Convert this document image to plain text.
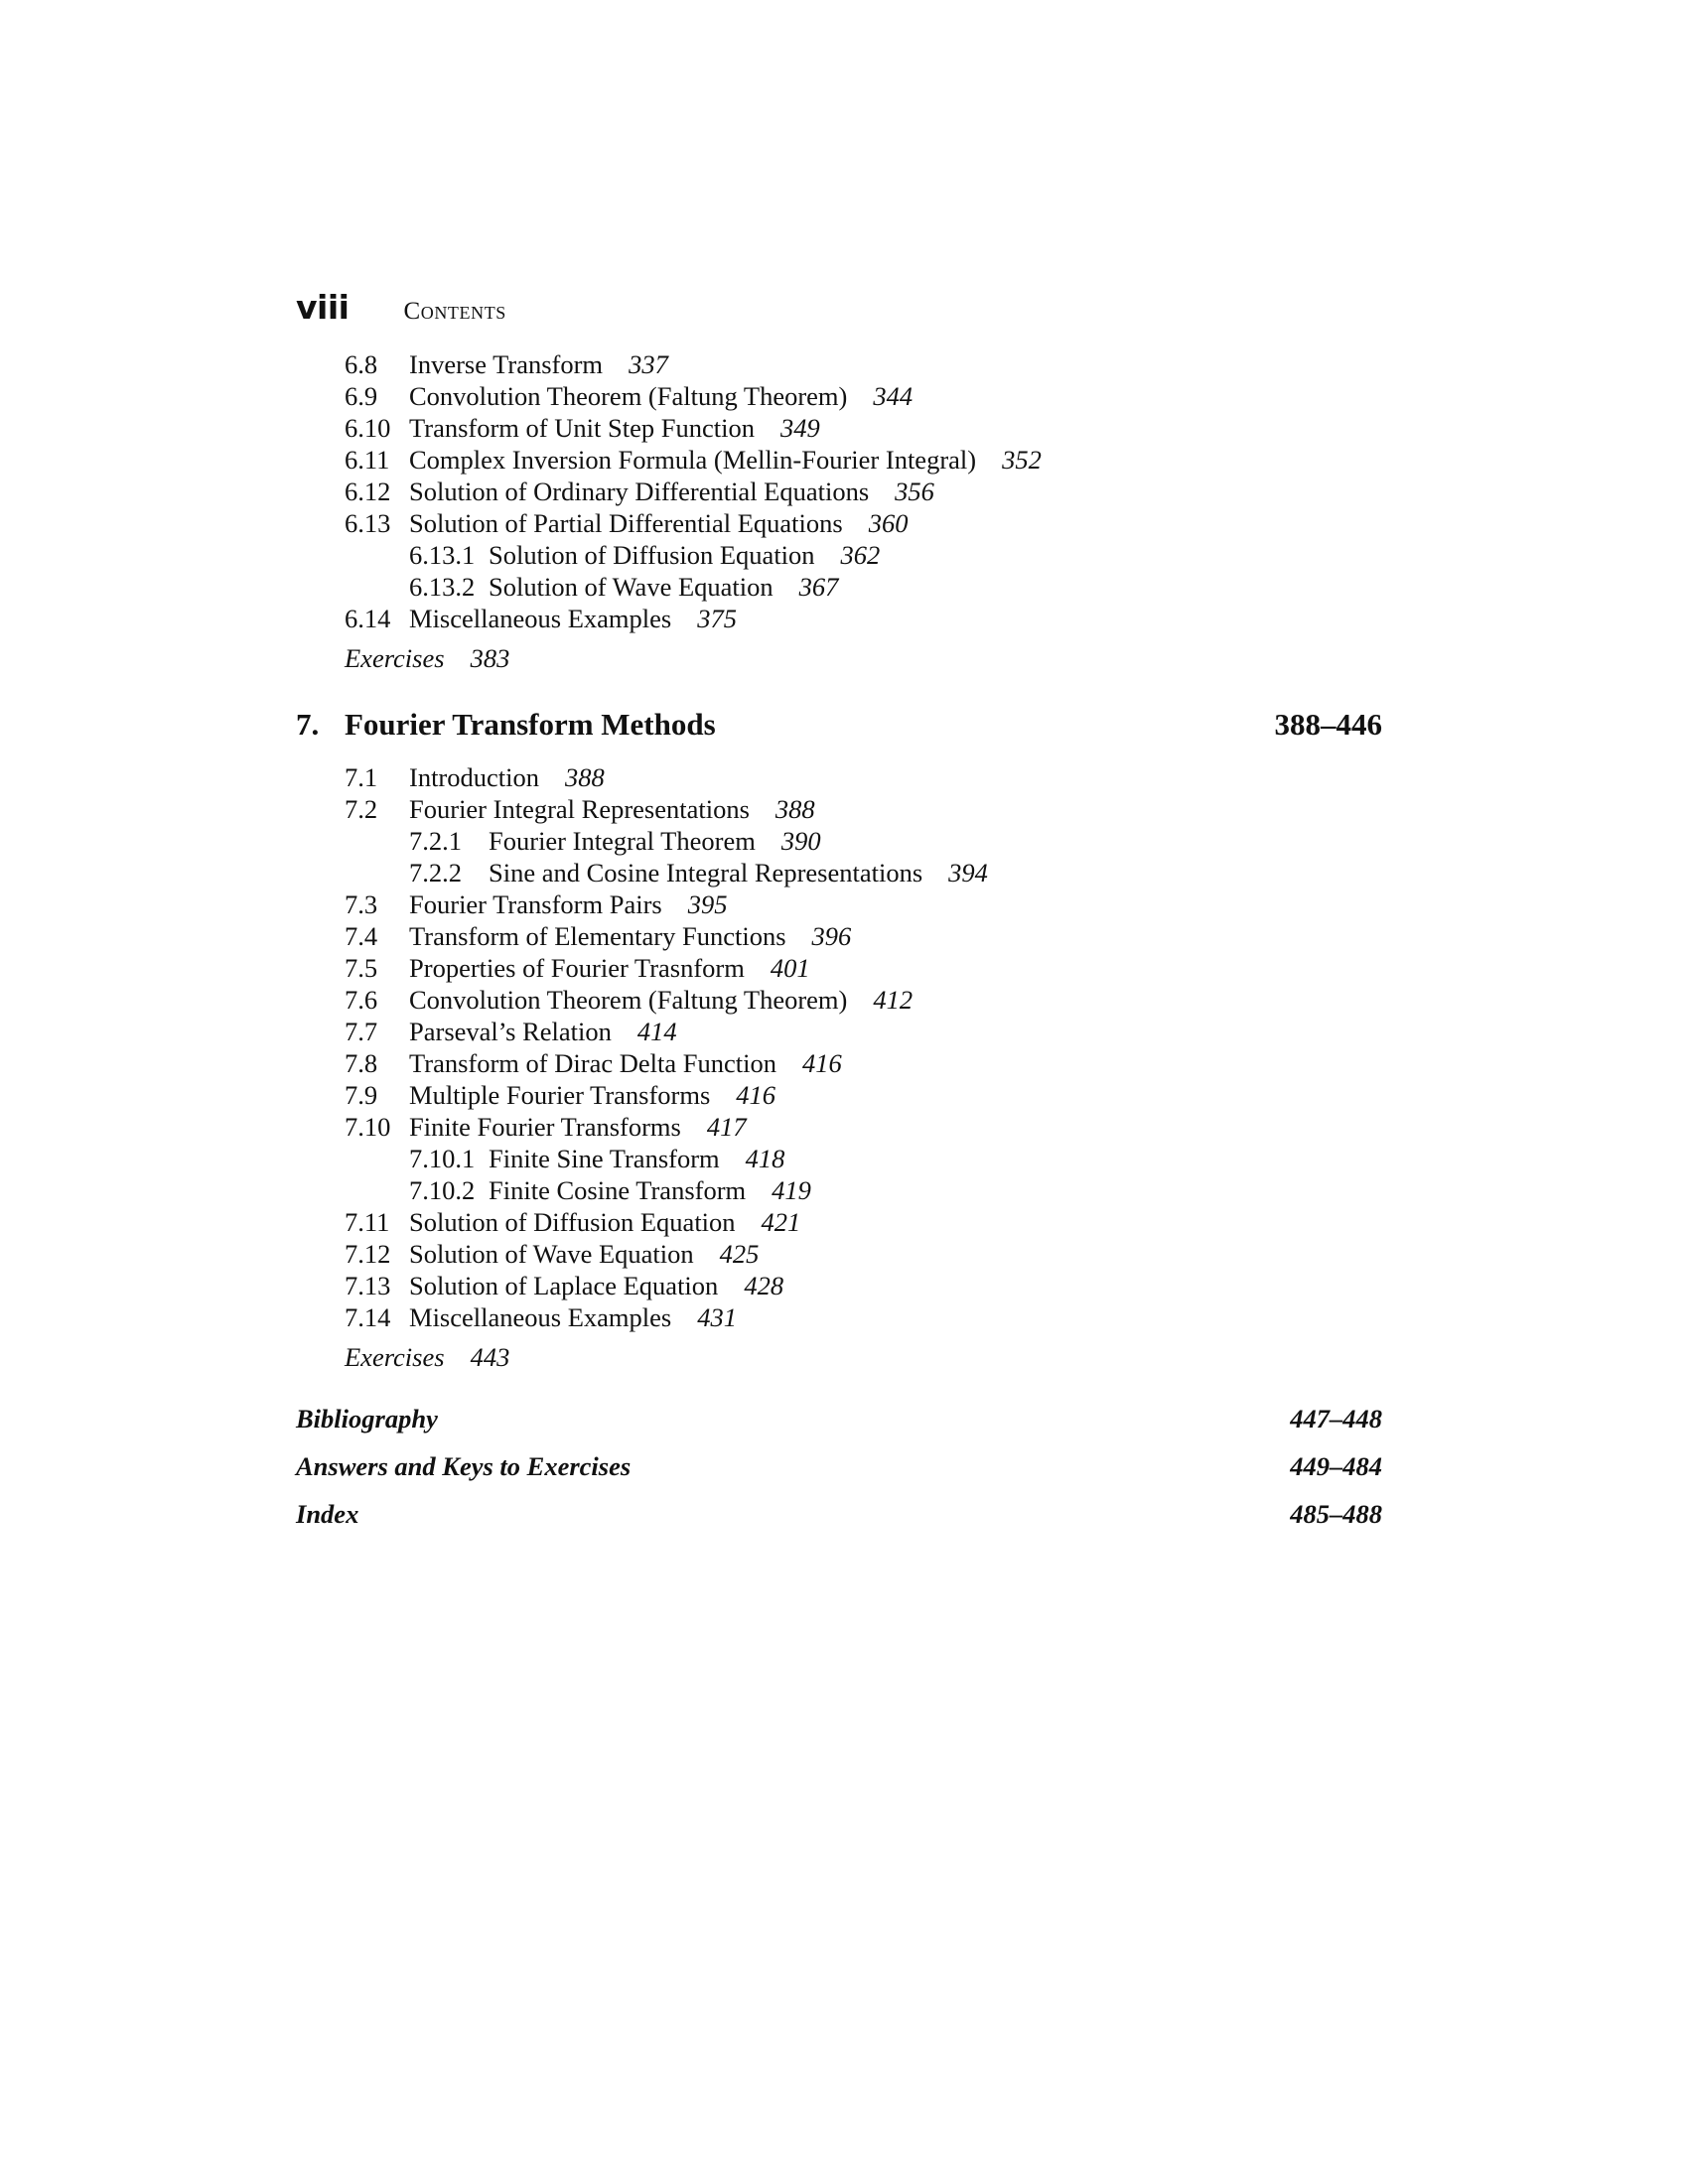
viii Contents
6.8 Inverse Transform 337
6.9 Convolution Theorem (Faltung Theorem) 344
6.10 Transform of Unit Step Function 349
6.11 Complex Inversion Formula (Mellin-Fourier Integral) 352
6.12 Solution of Ordinary Differential Equations 356
6.13 Solution of Partial Differential Equations 360
6.13.1 Solution of Diffusion Equation 362
6.13.2 Solution of Wave Equation 367
6.14 Miscellaneous Examples 375
Exercises 383
7. Fourier Transform Methods	388–446
7.1 Introduction 388
7.2 Fourier Integral Representations 388
7.2.1 Fourier Integral Theorem 390
7.2.2 Sine and Cosine Integral Representations 394
7.3 Fourier Transform Pairs 395
7.4 Transform of Elementary Functions 396
7.5 Properties of Fourier Trasnform 401
7.6 Convolution Theorem (Faltung Theorem) 412
7.7 Parseval’s Relation 414
7.8 Transform of Dirac Delta Function 416
7.9 Multiple Fourier Transforms 416
7.10 Finite Fourier Transforms 417
7.10.1 Finite Sine Transform 418
7.10.2 Finite Cosine Transform 419
7.11 Solution of Diffusion Equation 421
7.12 Solution of Wave Equation 425
7.13 Solution of Laplace Equation 428
7.14 Miscellaneous Examples 431
Exercises 443
Bibliography	447–448
Answers and Keys to Exercises	449–484
Index	485–488
